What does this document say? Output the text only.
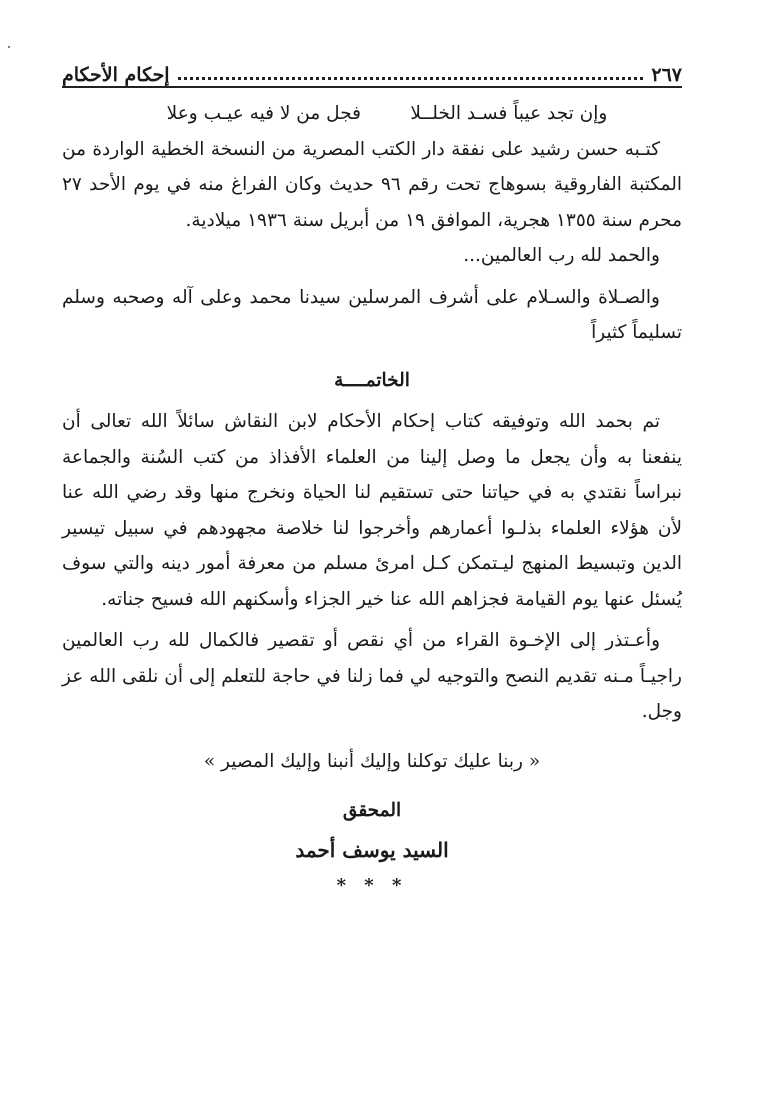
٢٦٧
إحكام الأحكام
وإن تجد عيباً فسـد الخلــلا
فجل من لا فيه عيـب وعلا

كتـبه حسن رشيد على نفقة دار الكتب المصرية من النسخة الخطية الواردة من المكتبة الفاروقية بسوهاج تحت رقم ٩٦ حديث وكان الفراغ منه في يوم الأحد ٢٧ محرم سنة ١٣٥٥ هجرية، الموافق ١٩ من أبريل سنة ١٩٣٦ ميلادية.

والحمد لله رب العالمين...

والصـلاة والسـلام على أشرف المرسلين سيدنا محمد وعلى آله وصحبه وسلم تسليماً كثيراً

الخاتمــــة

تم بحمد الله وتوفيقه كتاب إحكام الأحكام لابن النقاش سائلاً الله تعالى أن ينفعنا به وأن يجعل ما وصل إلينا من العلماء الأفذاذ من كتب السُنة والجماعة نبراساً نقتدي به في حياتنا حتى تستقيم لنا الحياة ونخرج منها وقد رضي الله عنا لأن هؤلاء العلماء بذلـوا أعمارهم وأخرجوا لنا خلاصة مجهودهم في سبيل تيسير الدين وتبسيط المنهج ليـتمكن كـل امرئ مسلم من معرفة أمور دينه والتي سوف يُسئل عنها يوم القيامة فجزاهم الله عنا خير الجزاء وأسكنهم الله فسيح جناته.

وأعـتذر إلى الإخـوة القراء من أي نقص أو تقصير فالكمال لله رب العالمين راجيـاً مـنه تقديم النصح والتوجيه لي فما زلنا في حاجة للتعلم إلى أن نلقى الله عز وجل.

« ربنا عليك توكلنا وإليك أنبنا وإليك المصير »
المحقق
السيد يوسف أحمد
* * *
